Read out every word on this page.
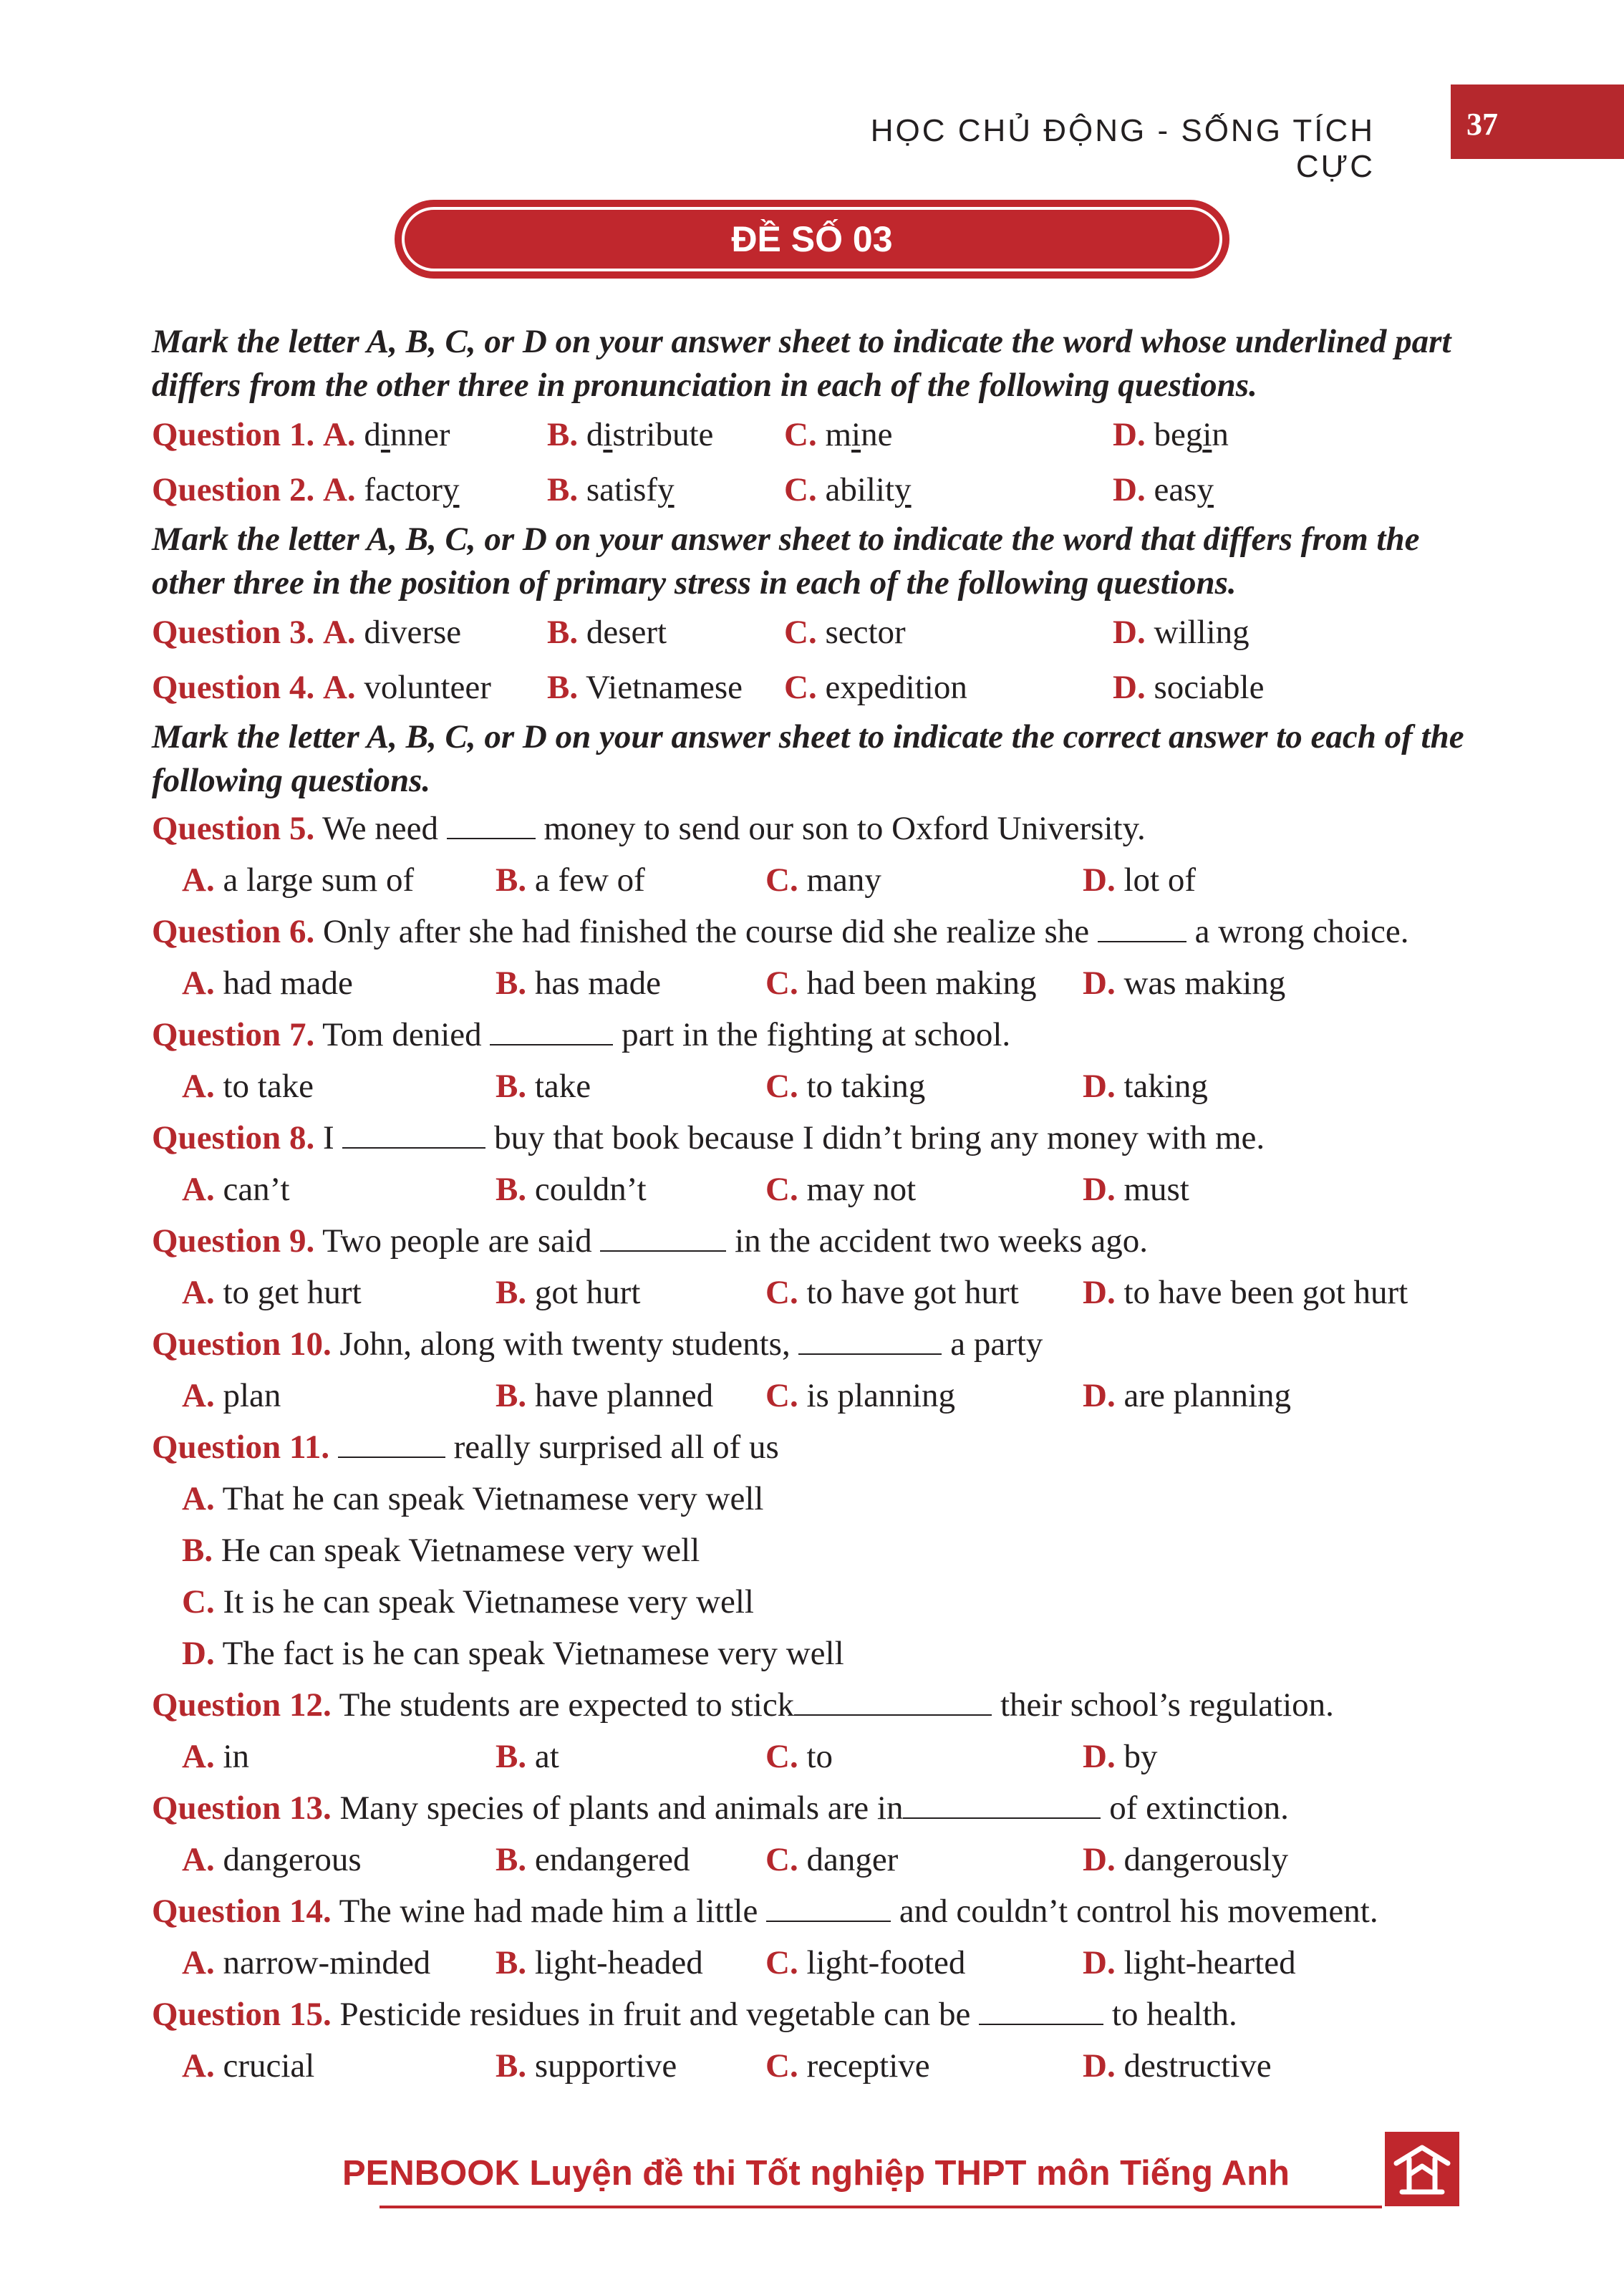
HỌC CHỦ ĐỘNG - SỐNG TÍCH CỰC
37
ĐỀ SỐ 03

Mark the letter A, B, C, or D on your answer sheet to indicate the word whose underlined part differs from the other three in pronunciation in each of the following questions.

Question 1. A. dinner	B. distribute C. mine	D. begin
Question 2. A. factory	B. satisfy	C. ability	D. easy

Mark the letter A, B, C, or D on your answer sheet to indicate the word that differs from the other three in the position of primary stress in each of the following questions.

Question 3. A. diverse	B. desert	C. sector	D. willing
Question 4. A. volunteer B. Vietnamese C. expedition	D. sociable

Mark the letter A, B, C, or D on your answer sheet to indicate the correct answer to each of the following questions.

Question 5. We need	money to send our son to Oxford University.
A. a large sum of B. a few of	C. many	D. lot of
Question 6. Only after she had finished the course did she realize she	a wrong choice.
A. had made	B. has made	C. had been making D. was making
Question 7. Tom denied	part in the fighting at school.
A. to take	B. take	C. to taking	D. taking
Question 8. I	buy that book because I didn’t bring any money with me.
A. can’t	B. couldn’t	C. may not	D. must
Question 9. Two people are said	in the accident two weeks ago.
A. to get hurt	B. got hurt	C. to have got hurt D. to have been got hurt
Question 10. John, along with twenty students,	a party
A. plan	B. have planned C. is planning	D. are planning
Question 11.	really surprised all of us
A. That he can speak Vietnamese very well
B. He can speak Vietnamese very well
C. It is he can speak Vietnamese very well
D. The fact is he can speak Vietnamese very well
Question 12. The students are expected to stick	their school’s regulation.
A. in	B. at	C. to	D. by
Question 13. Many species of plants and animals are in	of extinction.
A. dangerous	B. endangered C. danger	D. dangerously
Question 14. The wine had made him a little	and couldn’t control his movement.
A. narrow-minded B. light-headed C. light-footed	D. light-hearted
Question 15. Pesticide residues in fruit and vegetable can be	to health.
A. crucial	B. supportive	C. receptive	D. destructive
PENBOOK Luyện đề thi Tốt nghiệp THPT môn Tiếng Anh
